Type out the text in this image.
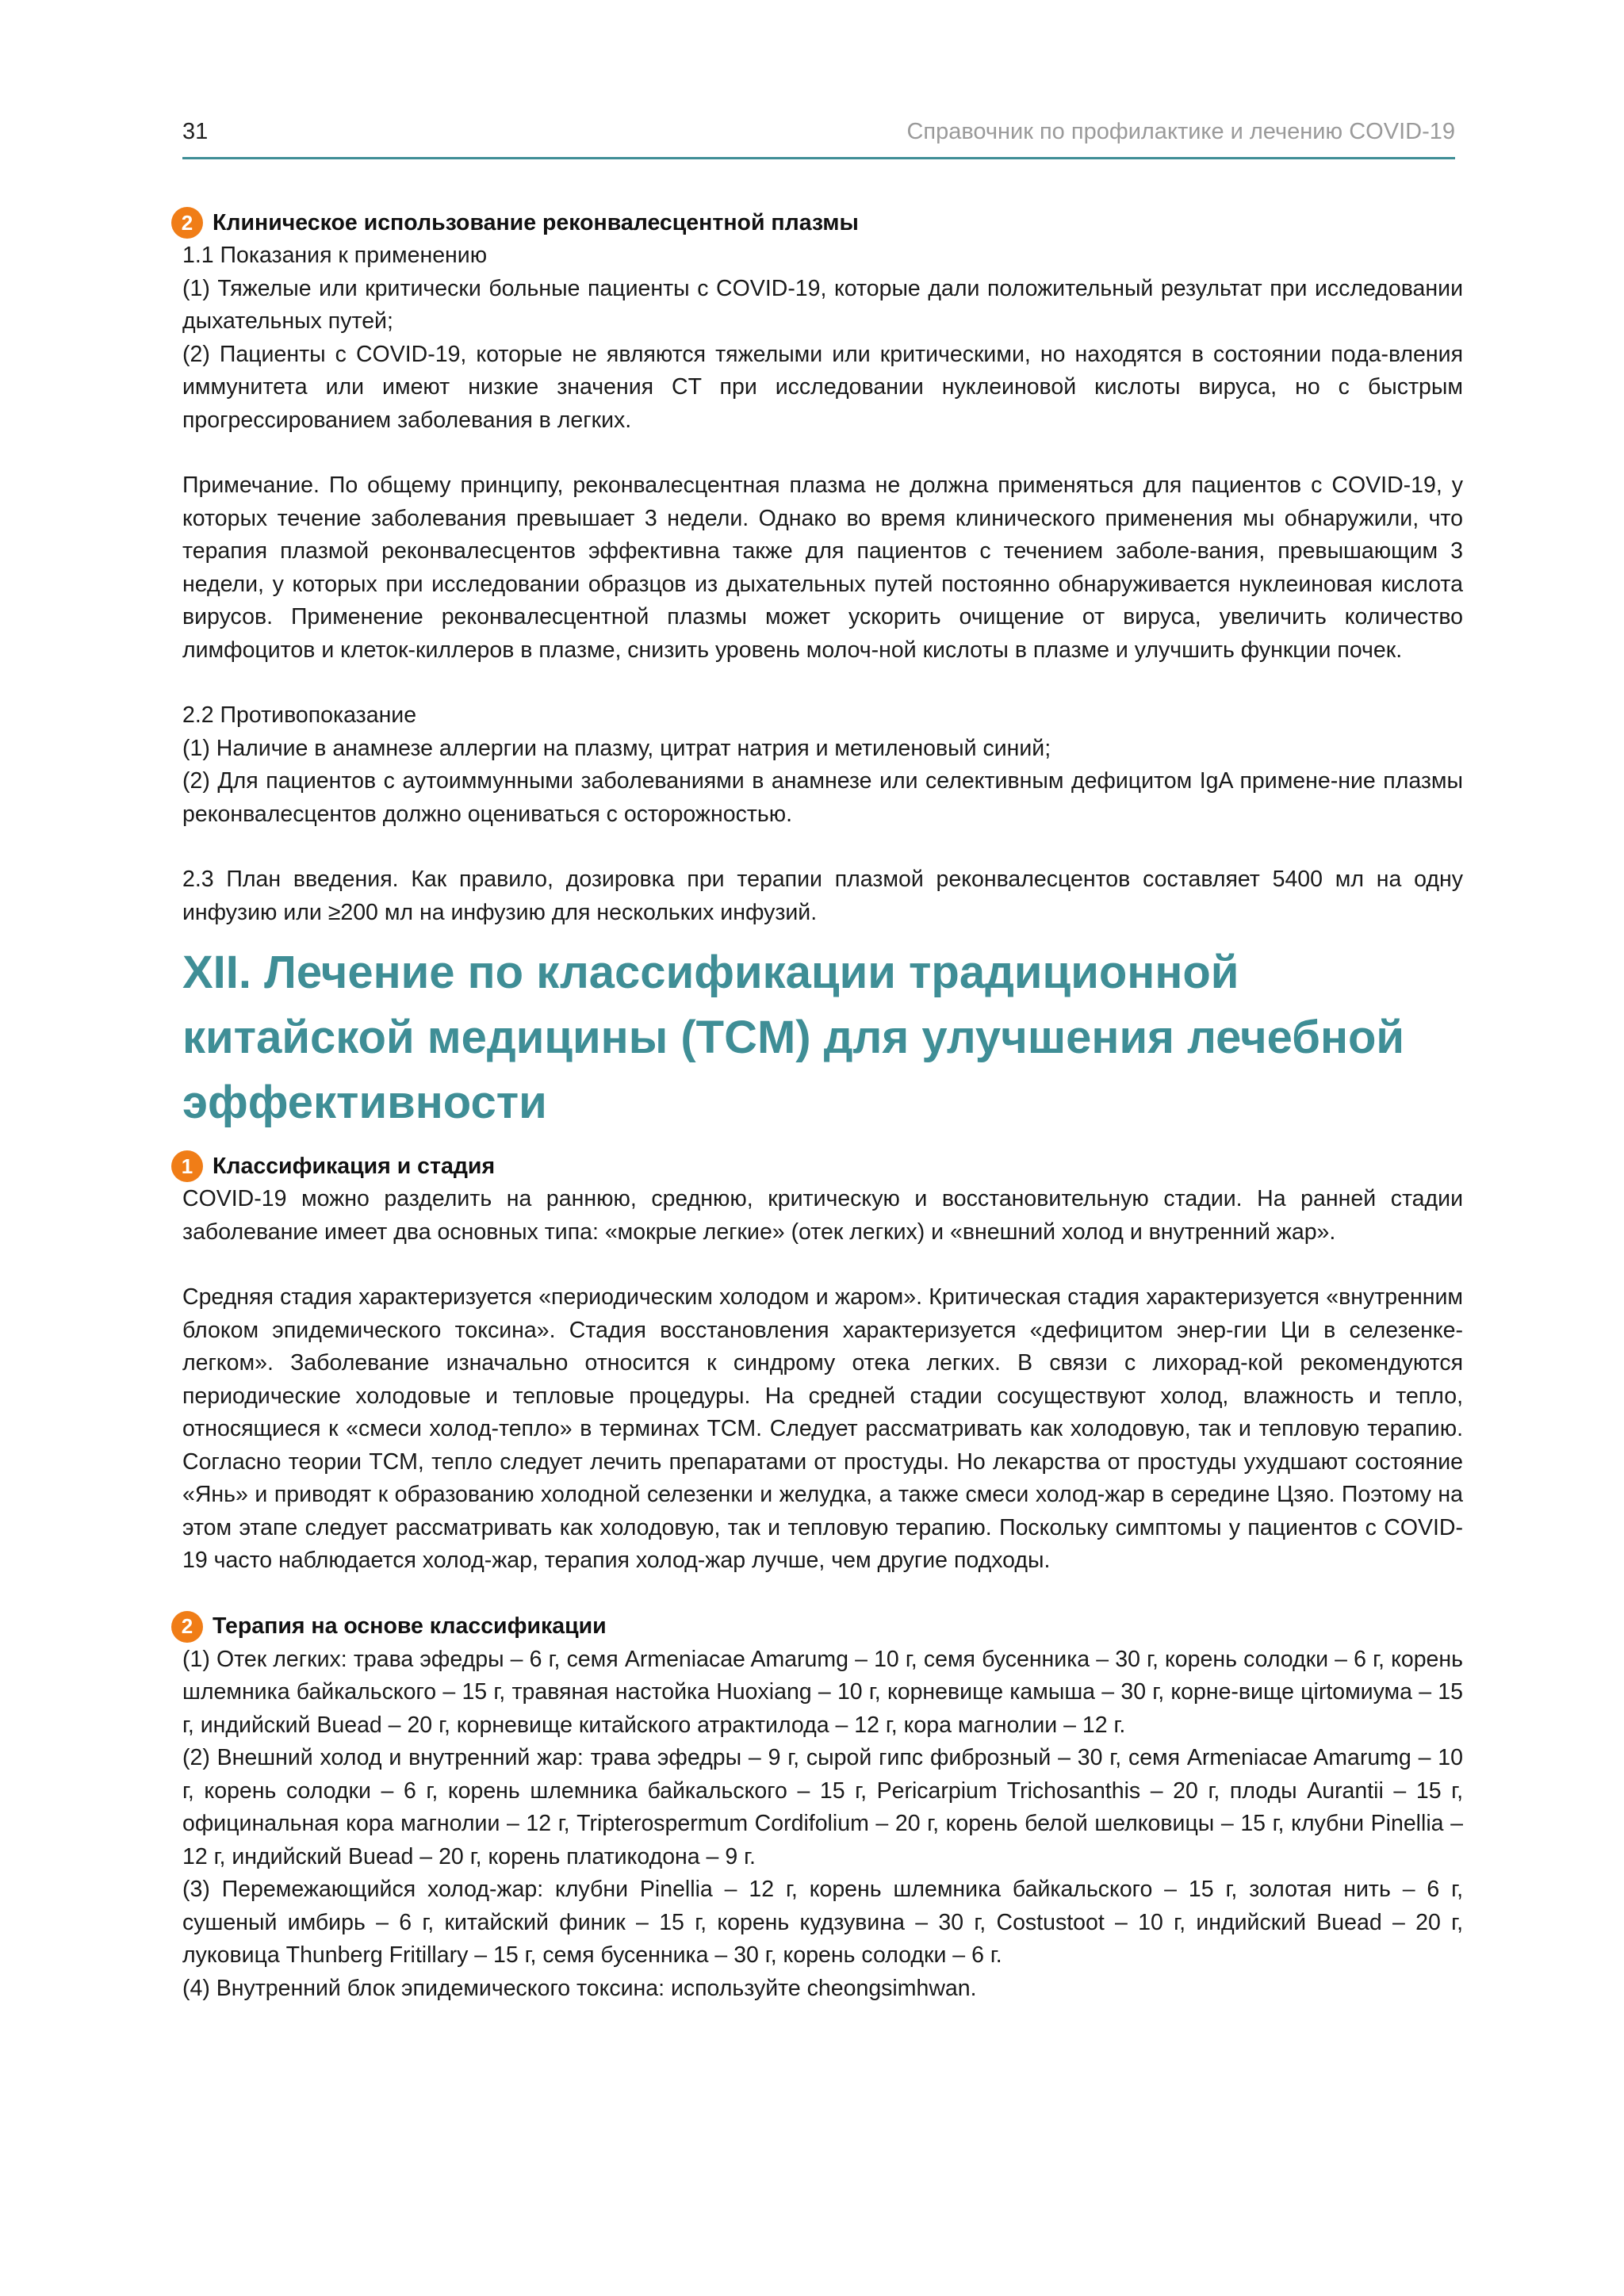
31	Справочник по профилактике и лечению COVID-19
2 Клиническое использование реконвалесцентной плазмы

1.1 Показания к применению

(1) Тяжелые или критически больные пациенты с COVID-19, которые дали положительный результат при исследовании дыхательных путей;

(2) Пациенты с COVID-19, которые не являются тяжелыми или критическими, но находятся в состоянии пода-вления иммунитета или имеют низкие значения CT при исследовании нуклеиновой кислоты вируса, но с быстрым прогрессированием заболевания в легких.

Примечание. По общему принципу, реконвалесцентная плазма не должна применяться для пациентов с COVID-19, у которых течение заболевания превышает 3 недели. Однако во время клинического применения мы обнаружили, что терапия плазмой реконвалесцентов эффективна также для пациентов с течением заболе-вания, превышающим 3 недели, у которых при исследовании образцов из дыхательных путей постоянно обнаруживается нуклеиновая кислота вирусов. Применение реконвалесцентной плазмы может ускорить очищение от вируса, увеличить количество лимфоцитов и клеток-киллеров в плазме, снизить уровень молоч-ной кислоты в плазме и улучшить функции почек.

2.2 Противопоказание

(1) Наличие в анамнезе аллергии на плазму, цитрат натрия и метиленовый синий;

(2) Для пациентов с аутоиммунными заболеваниями в анамнезе или селективным дефицитом IgA примене-ние плазмы реконвалесцентов должно оцениваться с осторожностью.

2.3 План введения. Как правило, дозировка при терапии плазмой реконвалесцентов составляет 5400 мл на одну инфузию или ≥200 мл на инфузию для нескольких инфузий.

XII. Лечение по классификации традиционной китайской медицины (TCM) для улучшения лечебной эффективности
1 Классификация и стадия

COVID-19 можно разделить на раннюю, среднюю, критическую и восстановительную стадии. На ранней стадии заболевание имеет два основных типа: «мокрые легкие» (отек легких) и «внешний холод и внутренний жар».

Средняя стадия характеризуется «периодическим холодом и жаром». Критическая стадия характеризуется «внутренним блоком эпидемического токсина». Стадия восстановления характеризуется «дефицитом энер-гии Ци в селезенке-легком». Заболевание изначально относится к синдрому отека легких. В связи с лихорад-кой рекомендуются периодические холодовые и тепловые процедуры. На средней стадии сосуществуют холод, влажность и тепло, относящиеся к «смеси холод-тепло» в терминах TCM. Следует рассматривать как холодовую, так и тепловую терапию. Согласно теории TCM, тепло следует лечить препаратами от простуды. Но лекарства от простуды ухудшают состояние «Янь» и приводят к образованию холодной селезенки и желудка, а также смеси холод-жар в середине Цзяо. Поэтому на этом этапе следует рассматривать как холодовую, так и тепловую терапию. Поскольку симптомы у пациентов с COVID-19 часто наблюдается холод-жар, терапия холод-жар лучше, чем другие подходы.

2 Терапия на основе классификации

(1) Отек легких: трава эфедры – 6 г, семя Armeniacae Amarumg – 10 г, семя бусенника – 30 г, корень солодки – 6 г, корень шлемника байкальского – 15 г, травяная настойка Huoxiang – 10 г, корневище камыша – 30 г, корне-вище цirtомиума – 15 г, индийский Buead – 20 г, корневище китайского атрактилода – 12 г, кора магнолии – 12 г.

(2) Внешний холод и внутренний жар: трава эфедры – 9 г, сырой гипс фиброзный – 30 г, семя Armeniacae Amarumg – 10 г, корень солодки – 6 г, корень шлемника байкальского – 15 г, Pericarpium Trichosanthis – 20 г, плоды Aurantii – 15 г, официнальная кора магнолии – 12 г, Tripterospermum Cordifolium – 20 г, корень белой шелковицы – 15 г, клубни Pinellia – 12 г, индийский Buead – 20 г, корень платикодона – 9 г.

(3) Перемежающийся холод-жар: клубни Pinellia – 12 г, корень шлемника байкальского – 15 г, золотая нить – 6 г, сушеный имбирь – 6 г, китайский финик – 15 г, корень кудзувина – 30 г, Costustoot – 10 г, индийский Buead – 20 г, луковица Thunberg Fritillary – 15 г, семя бусенника – 30 г, корень солодки – 6 г.

(4) Внутренний блок эпидемического токсина: используйте cheongsimhwan.
